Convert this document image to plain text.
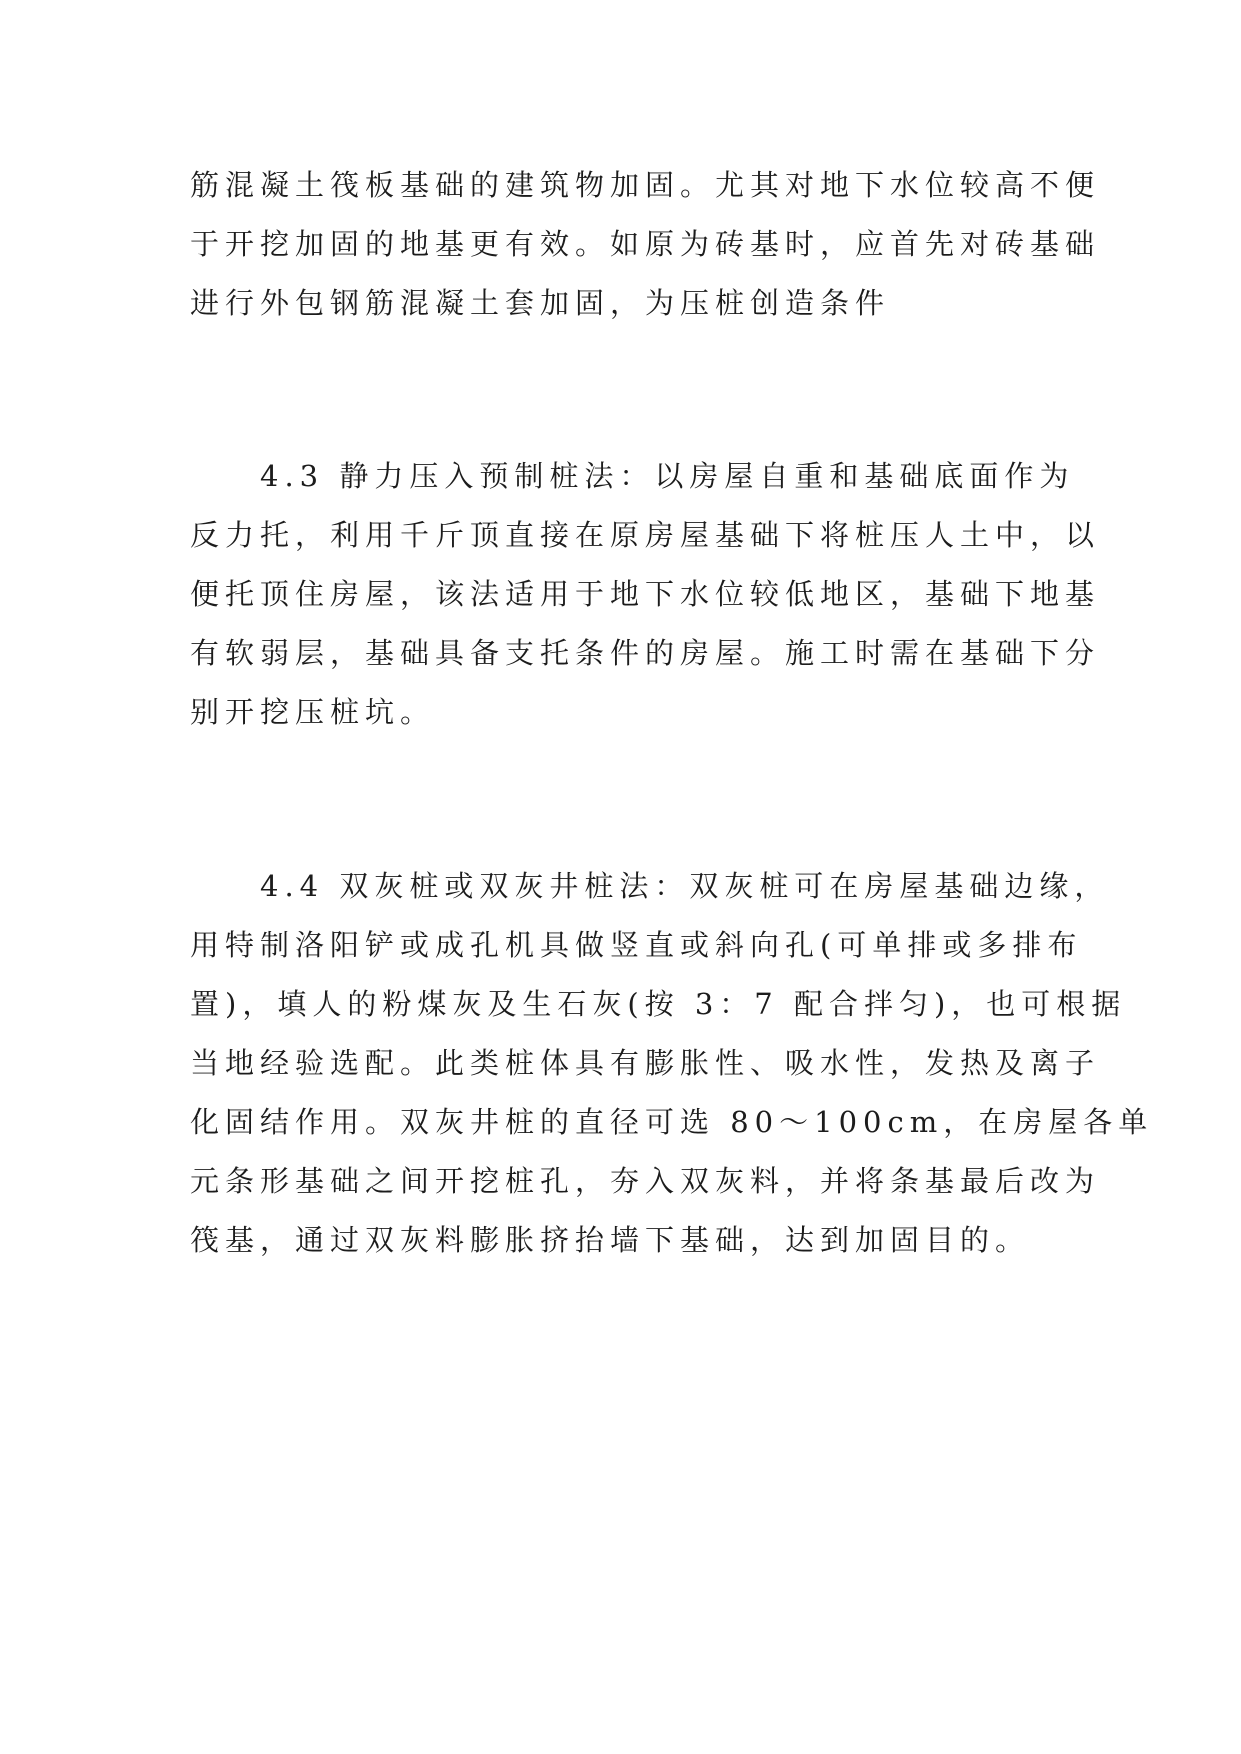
筋混凝土筏板基础的建筑物加固。尤其对地下水位较高不便
于开挖加固的地基更有效。如原为砖基时，应首先对砖基础
进行外包钢筋混凝土套加固，为压桩创造条件
　　4.3 静力压入预制桩法：以房屋自重和基础底面作为
反力托，利用千斤顶直接在原房屋基础下将桩压人土中，以
便托顶住房屋，该法适用于地下水位较低地区，基础下地基
有软弱层，基础具备支托条件的房屋。施工时需在基础下分
别开挖压桩坑。
　　4.4 双灰桩或双灰井桩法：双灰桩可在房屋基础边缘，
用特制洛阳铲或成孔机具做竖直或斜向孔(可单排或多排布
置)，填人的粉煤灰及生石灰(按 3：7 配合拌匀)，也可根据
当地经验选配。此类桩体具有膨胀性、吸水性，发热及离子
化固结作用。双灰井桩的直径可选 80～100cm，在房屋各单
元条形基础之间开挖桩孔，夯入双灰料，并将条基最后改为
筏基，通过双灰料膨胀挤抬墙下基础，达到加固目的。
